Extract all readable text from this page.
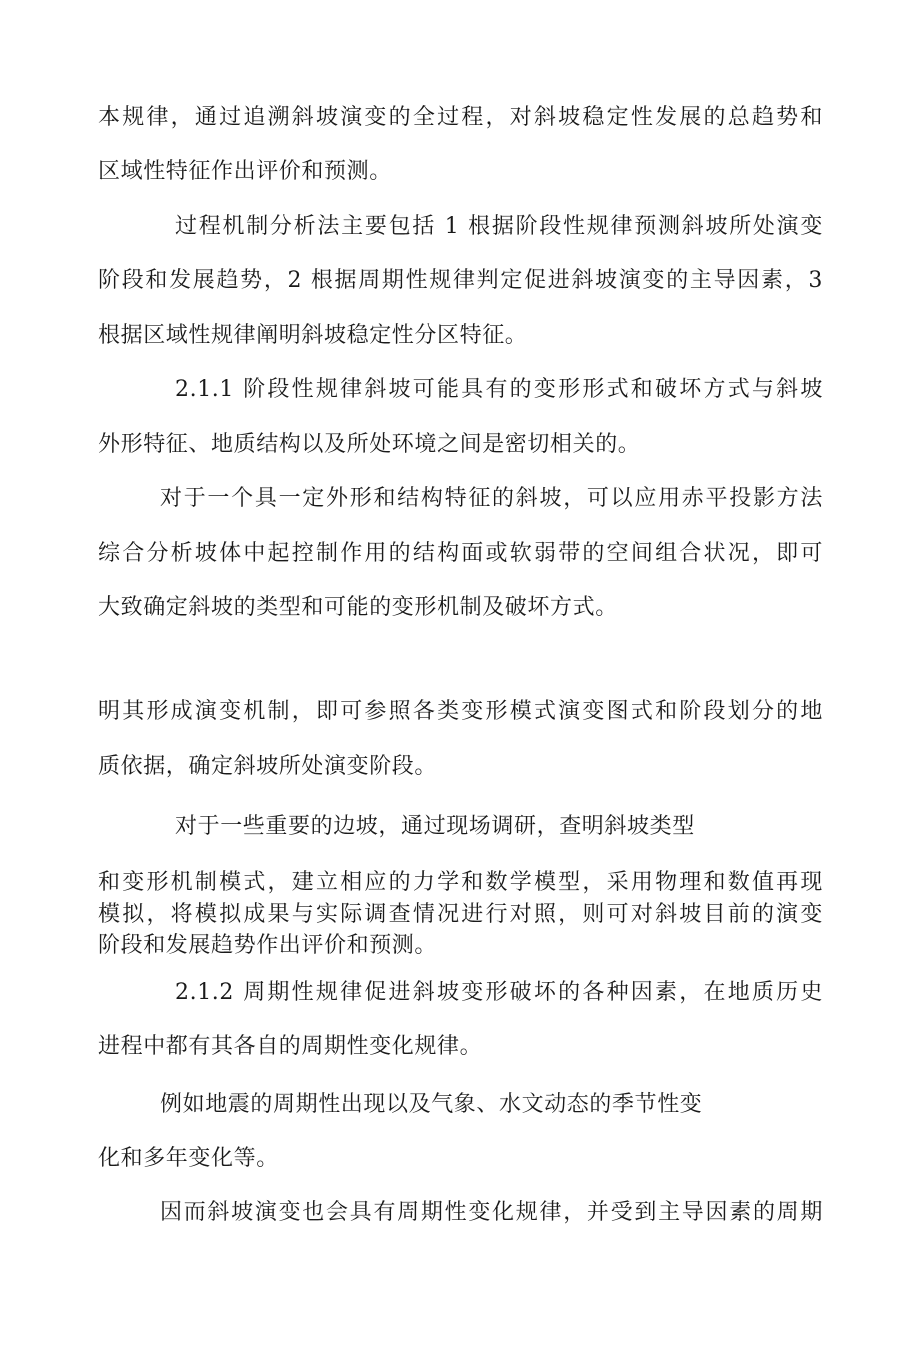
本规律，通过追溯斜坡演变的全过程，对斜坡稳定性发展的总趋势和

区域性特征作出评价和预测。

过程机制分析法主要包括 1 根据阶段性规律预测斜坡所处演变

阶段和发展趋势，2 根据周期性规律判定促进斜坡演变的主导因素，3

根据区域性规律阐明斜坡稳定性分区特征。

2.1.1 阶段性规律斜坡可能具有的变形形式和破坏方式与斜坡

外形特征、地质结构以及所处环境之间是密切相关的。

对于一个具一定外形和结构特征的斜坡，可以应用赤平投影方法

综合分析坡体中起控制作用的结构面或软弱带的空间组合状况，即可

大致确定斜坡的类型和可能的变形机制及破坏方式。

明其形成演变机制，即可参照各类变形模式演变图式和阶段划分的地

质依据，确定斜坡所处演变阶段。

对于一些重要的边坡，通过现场调研，查明斜坡类型

和变形机制模式，建立相应的力学和数学模型，采用物理和数值再现

模拟，将模拟成果与实际调查情况进行对照，则可对斜坡目前的演变

阶段和发展趋势作出评价和预测。

2.1.2 周期性规律促进斜坡变形破坏的各种因素，在地质历史

进程中都有其各自的周期性变化规律。

例如地震的周期性出现以及气象、水文动态的季节性变

化和多年变化等。

因而斜坡演变也会具有周期性变化规律，并受到主导因素的周期
